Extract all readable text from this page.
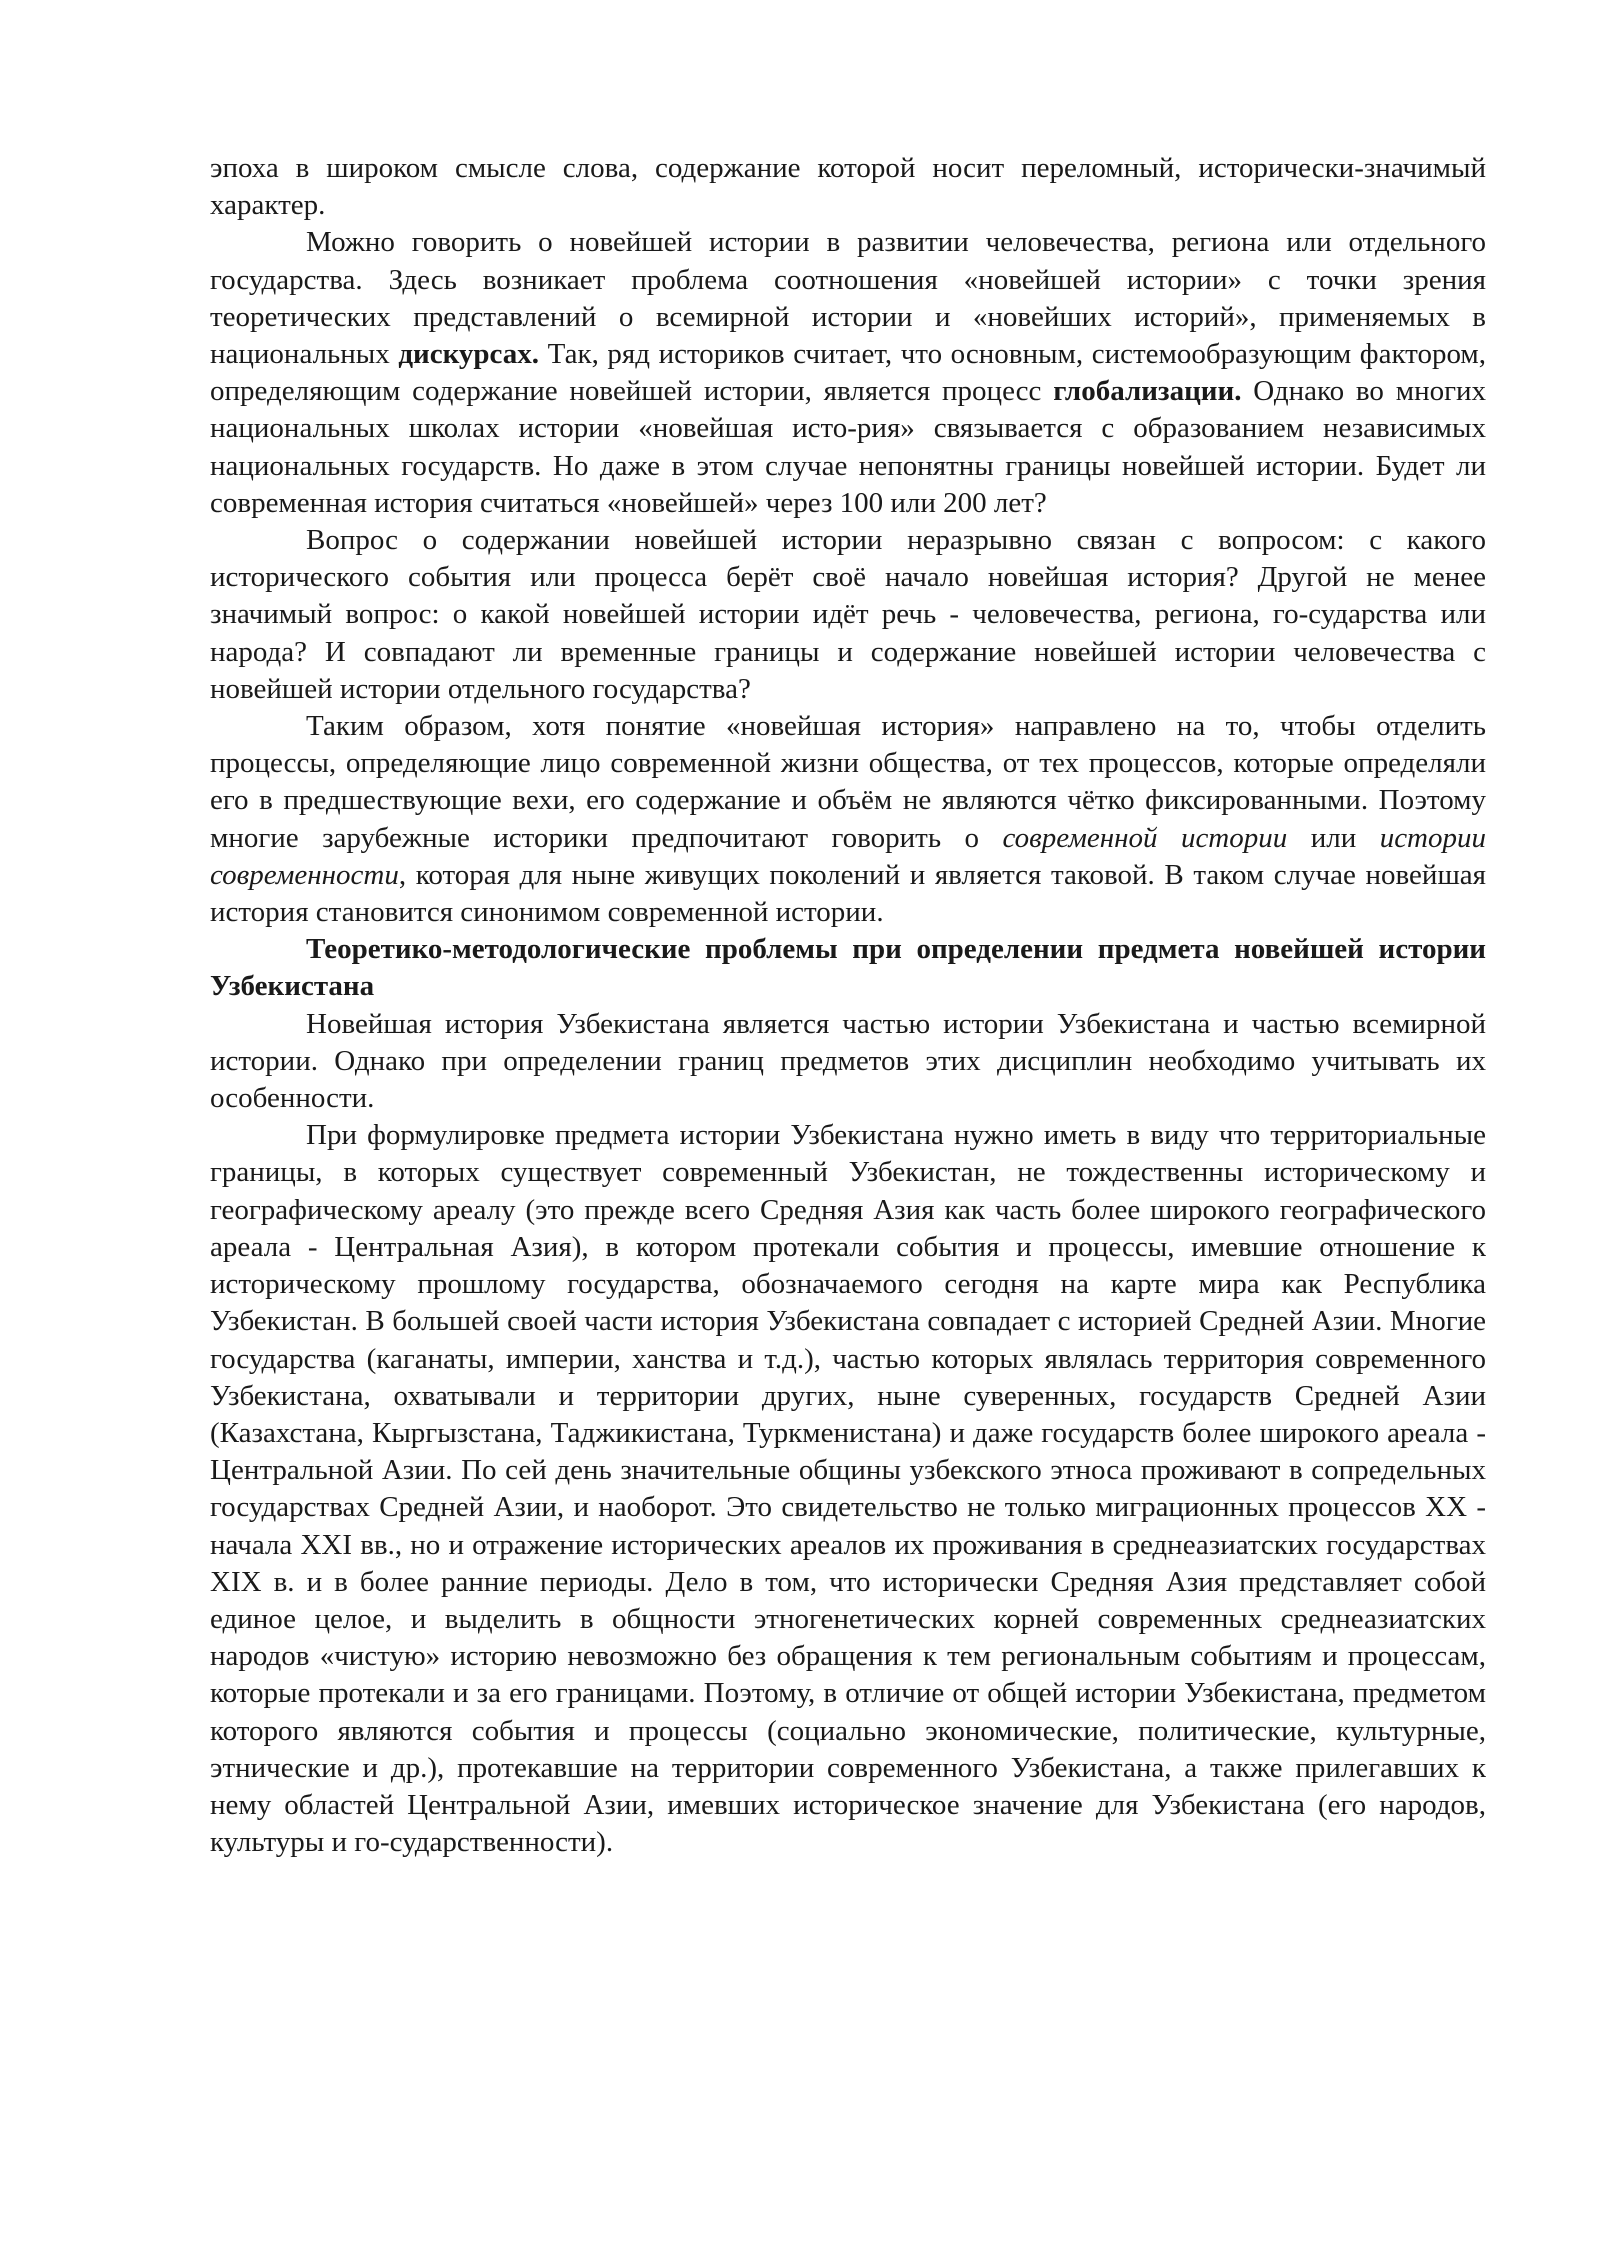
эпоха в широком смысле слова, содержание которой носит переломный, исторически-значимый характер.

Можно говорить о новейшей истории в развитии человечества, региона или отдельного государства. Здесь возникает проблема соотношения «новейшей истории» с точки зрения теоретических представлений о всемирной истории и «новейших историй», применяемых в национальных дискурсах. Так, ряд историков считает, что основным, системообразующим фактором, определяющим содержание новейшей истории, является процесс глобализации. Однако во многих национальных школах истории «новейшая исто-рия» связывается с образованием независимых национальных государств. Но даже в этом случае непонятны границы новейшей истории. Будет ли современная история считаться «новейшей» через 100 или 200 лет?

Вопрос о содержании новейшей истории неразрывно связан с вопросом: с какого исторического события или процесса берёт своё начало новейшая история? Другой не менее значимый вопрос: о какой новейшей истории идёт речь - человечества, региона, го-сударства или народа? И совпадают ли временные границы и содержание новейшей истории человечества с новейшей истории отдельного государства?

Таким образом, хотя понятие «новейшая история» направлено на то, чтобы отделить процессы, определяющие лицо современной жизни общества, от тех процессов, которые определяли его в предшествующие вехи, его содержание и объём не являются чётко фиксированными. Поэтому многие зарубежные историки предпочитают говорить о современной истории или истории современности, которая для ныне живущих поколений и является таковой. В таком случае новейшая история становится синонимом современной истории.

Теоретико-методологические проблемы при определении предмета новейшей истории Узбекистана

Новейшая история Узбекистана является частью истории Узбекистана и частью всемирной истории. Однако при определении границ предметов этих дисциплин необходимо учитывать их особенности.

При формулировке предмета истории Узбекистана нужно иметь в виду что территориальные границы, в которых существует современный Узбекистан, не тождественны историческому и географическому ареалу (это прежде всего Средняя Азия как часть более широкого географического ареала - Центральная Азия), в котором протекали события и процессы, имевшие отношение к историческому прошлому государства, обозначаемого сегодня на карте мира как Республика Узбекистан. В большей своей части история Узбекистана совпадает с историей Средней Азии. Многие государства (каганаты, империи, ханства и т.д.), частью которых являлась территория современного Узбекистана, охватывали и территории других, ныне суверенных, государств Средней Азии (Казахстана, Кыргызстана, Таджикистана, Туркменистана) и даже государств более широкого ареала - Центральной Азии. По сей день значительные общины узбекского этноса проживают в сопредельных государствах Средней Азии, и наоборот. Это свидетельство не только миграционных процессов XX - начала XXI вв., но и отражение исторических ареалов их проживания в среднеазиатских государствах XIX в. и в более ранние периоды. Дело в том, что исторически Средняя Азия представляет собой единое целое, и выделить в общности этногенетических корней современных среднеазиатских народов «чистую» историю невозможно без обращения к тем региональным событиям и процессам, которые протекали и за его границами. Поэтому, в отличие от общей истории Узбекистана, предметом которого являются события и процессы (социально экономические, политические, культурные, этнические и др.), протекавшие на территории современного Узбекистана, а также прилегавших к нему областей Центральной Азии, имевших историческое значение для Узбекистана (его народов, культуры и го-сударственности).
